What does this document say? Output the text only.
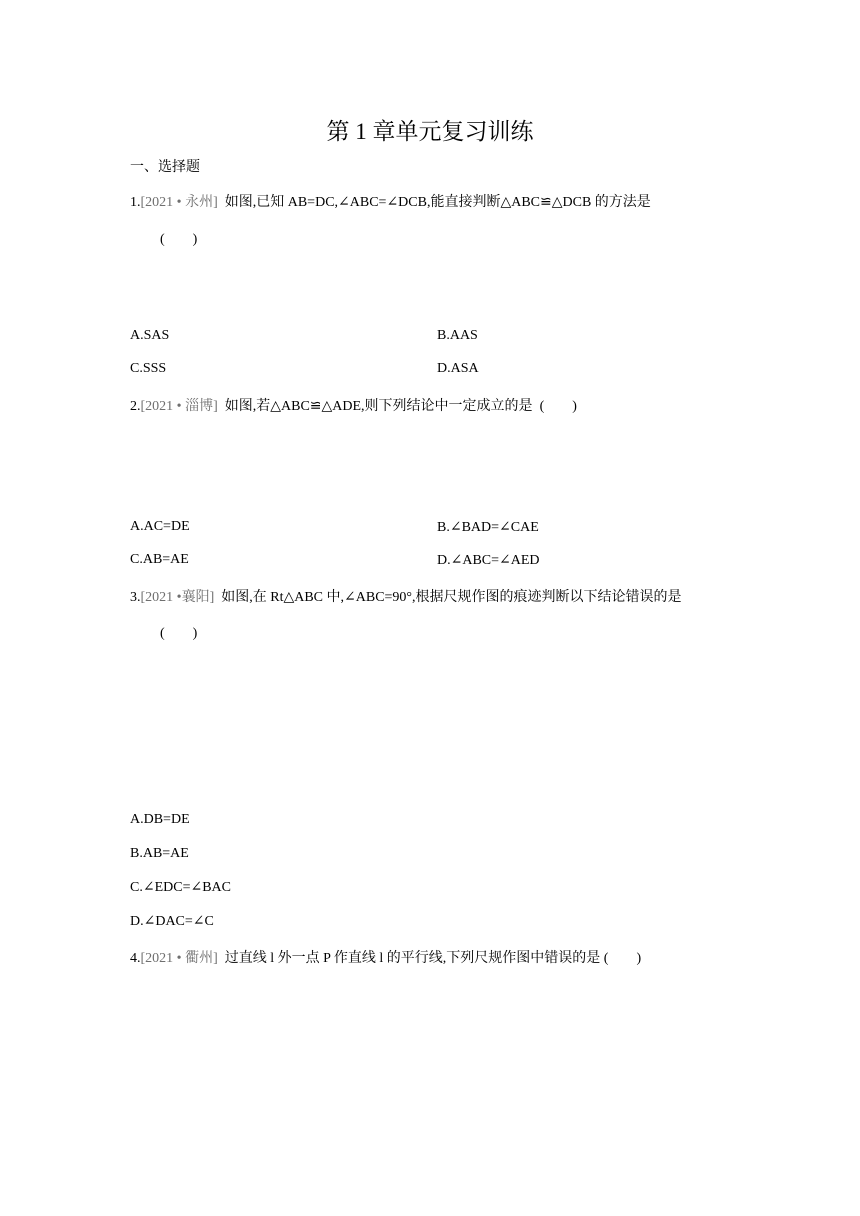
第 1 章单元复习训练
一、选择题
1.[2021 • 永州] 如图,已知 AB=DC,∠ABC=∠DCB,能直接判断△ABC≌△DCB 的方法是
(　　)
A	D
B	C
A.SAS	B.AAS
C.SSS	D.ASA
2.[2021 • 淄博] 如图,若△ABC≌△ADE,则下列结论中一定成立的是 (　　)
A	E
B
D
C
A.AC=DE	B.∠BAD=∠CAE
C.AB=AE	D.∠ABC=∠AED
3.[2021 •襄阳] 如图,在 Rt△ABC 中,∠ABC=90°,根据尺规作图的痕迹判断以下结论错误的是
(　　)
C
E
D
A	B
A.DB=DE
B.AB=AE
C.∠EDC=∠BAC
D.∠DAC=∠C
4.[2021 • 衢州] 过直线 l 外一点 P 作直线 l 的平行线,下列尺规作图中错误的是 (　　)
